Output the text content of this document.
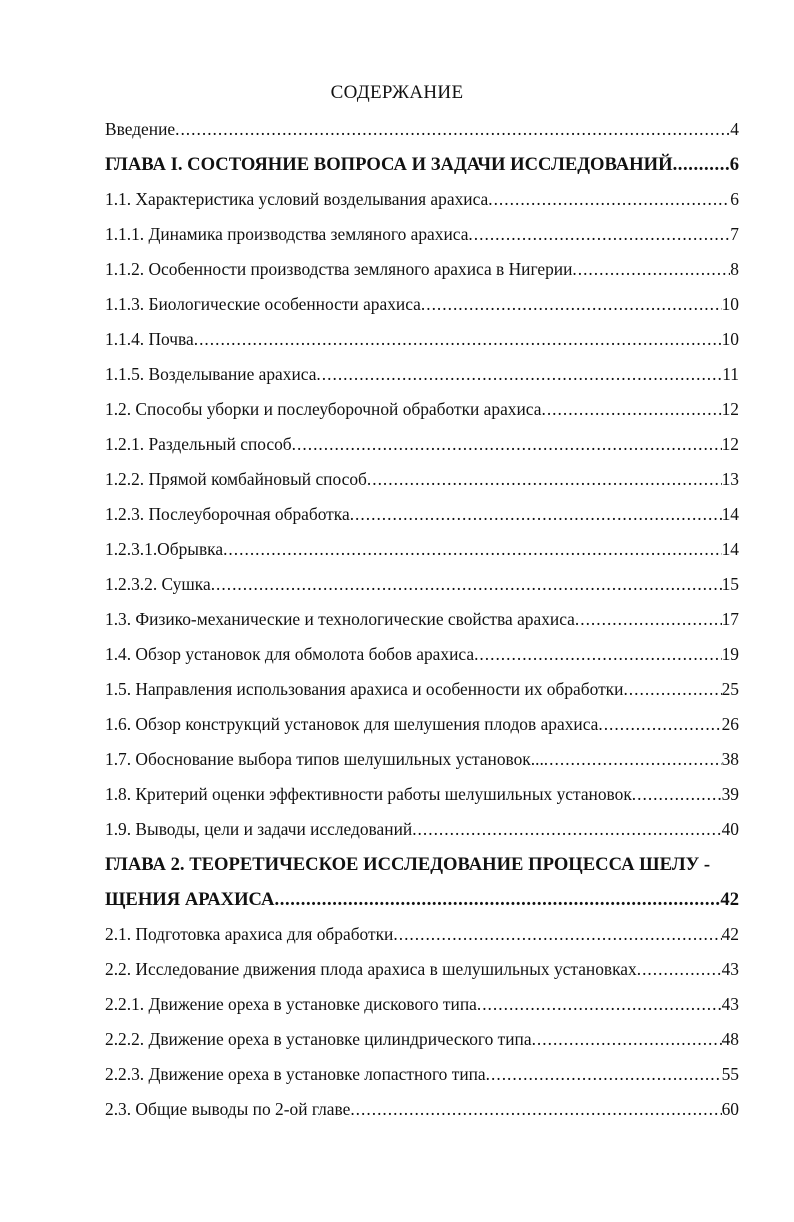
СОДЕРЖАНИЕ
Введение .....	4
ГЛАВА I. СОСТОЯНИЕ ВОПРОСА И ЗАДАЧИ ИССЛЕДОВАНИЙ .....	6
1.1. Характеристика условий возделывания арахиса .....	6
1.1.1. Динамика производства земляного арахиса .....	7
1.1.2. Особенности производства земляного арахиса в Нигерии .....	8
1.1.3. Биологические особенности арахиса .....	10
1.1.4. Почва .....	10
1.1.5. Возделывание арахиса .....	11
1.2. Способы уборки и послеуборочной обработки арахиса .....	12
1.2.1. Раздельный способ .....	12
1.2.2. Прямой комбайновый способ .....	13
1.2.3. Послеуборочная обработка .....	14
1.2.3.1.Обрывка .....	14
1.2.3.2. Сушка .....	15
1.3. Физико-механические и технологические свойства арахиса .....	17
1.4. Обзор установок для обмолота бобов арахиса .....	19
1.5. Направления использования арахиса и особенности их обработки .....	25
1.6. Обзор конструкций установок для шелушения плодов арахиса .....	26
1.7. Обоснование выбора типов шелушильных установок... .....	38
1.8. Критерий оценки эффективности работы шелушильных установок .....	39
1.9. Выводы, цели и задачи исследований .....	40
ГЛАВА 2. ТЕОРЕТИЧЕСКОЕ ИССЛЕДОВАНИЕ ПРОЦЕССА ШЕЛУ -
ЩЕНИЯ АРАХИСА .....	42
2.1. Подготовка арахиса для обработки .....	42
2.2. Исследование движения плода арахиса в шелушильных установках .....	43
2.2.1. Движение ореха в установке дискового типа .....	43
2.2.2. Движение ореха в установке цилиндрического типа .....	48
2.2.3. Движение ореха в установке лопастного типа .....	55
2.3. Общие выводы по 2-ой главе .....	60
